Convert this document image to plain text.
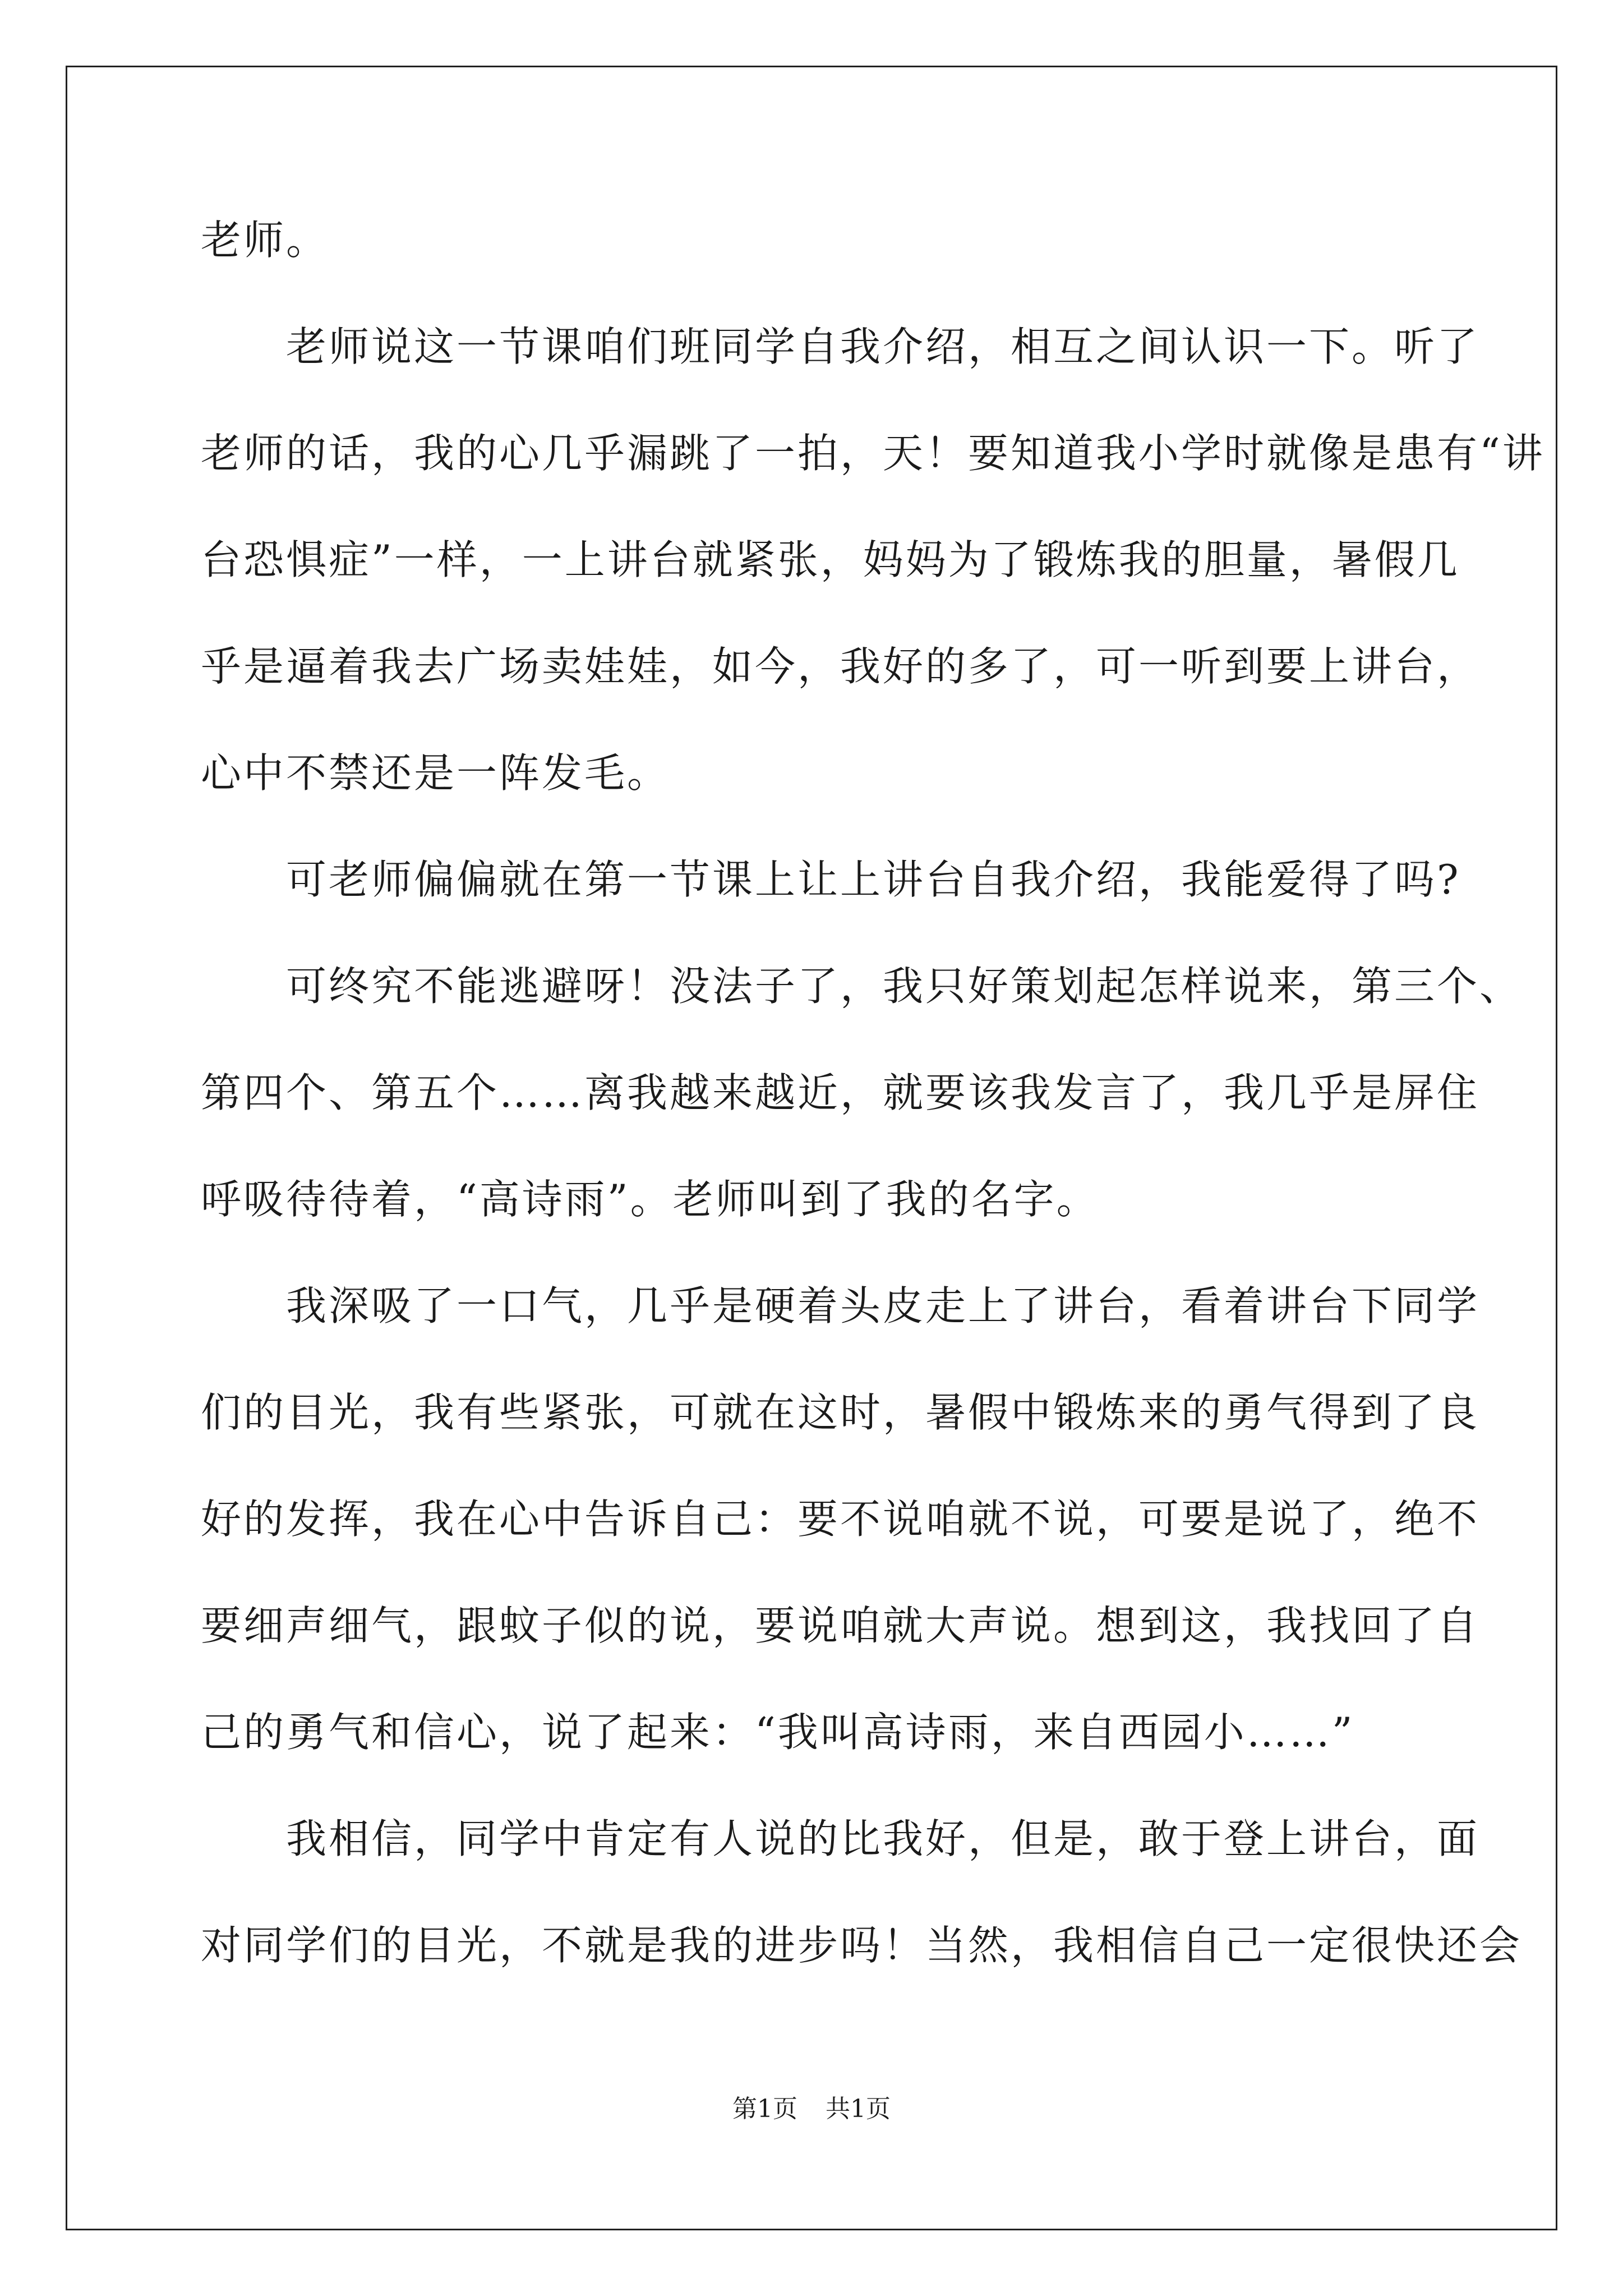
老师。
　　老师说这一节课咱们班同学自我介绍，相互之间认识一下。听了
老师的话，我的心几乎漏跳了一拍，天！要知道我小学时就像是患有“讲
台恐惧症”一样，一上讲台就紧张，妈妈为了锻炼我的胆量，暑假几
乎是逼着我去广场卖娃娃，如今，我好的多了，可一听到要上讲台，
心中不禁还是一阵发毛。
　　可老师偏偏就在第一节课上让上讲台自我介绍，我能爱得了吗?
　　可终究不能逃避呀！没法子了，我只好策划起怎样说来，第三个、
第四个、第五个……离我越来越近，就要该我发言了，我几乎是屏住
呼吸待待着，“高诗雨”。老师叫到了我的名字。
　　我深吸了一口气，几乎是硬着头皮走上了讲台，看着讲台下同学
们的目光，我有些紧张，可就在这时，暑假中锻炼来的勇气得到了良
好的发挥，我在心中告诉自己：要不说咱就不说，可要是说了，绝不
要细声细气，跟蚊子似的说，要说咱就大声说。想到这，我找回了自
己的勇气和信心，说了起来：“我叫高诗雨，来自西园小……”
　　我相信，同学中肯定有人说的比我好，但是，敢于登上讲台，面
对同学们的目光，不就是我的进步吗！当然，我相信自己一定很快还会
第1页 共1页
